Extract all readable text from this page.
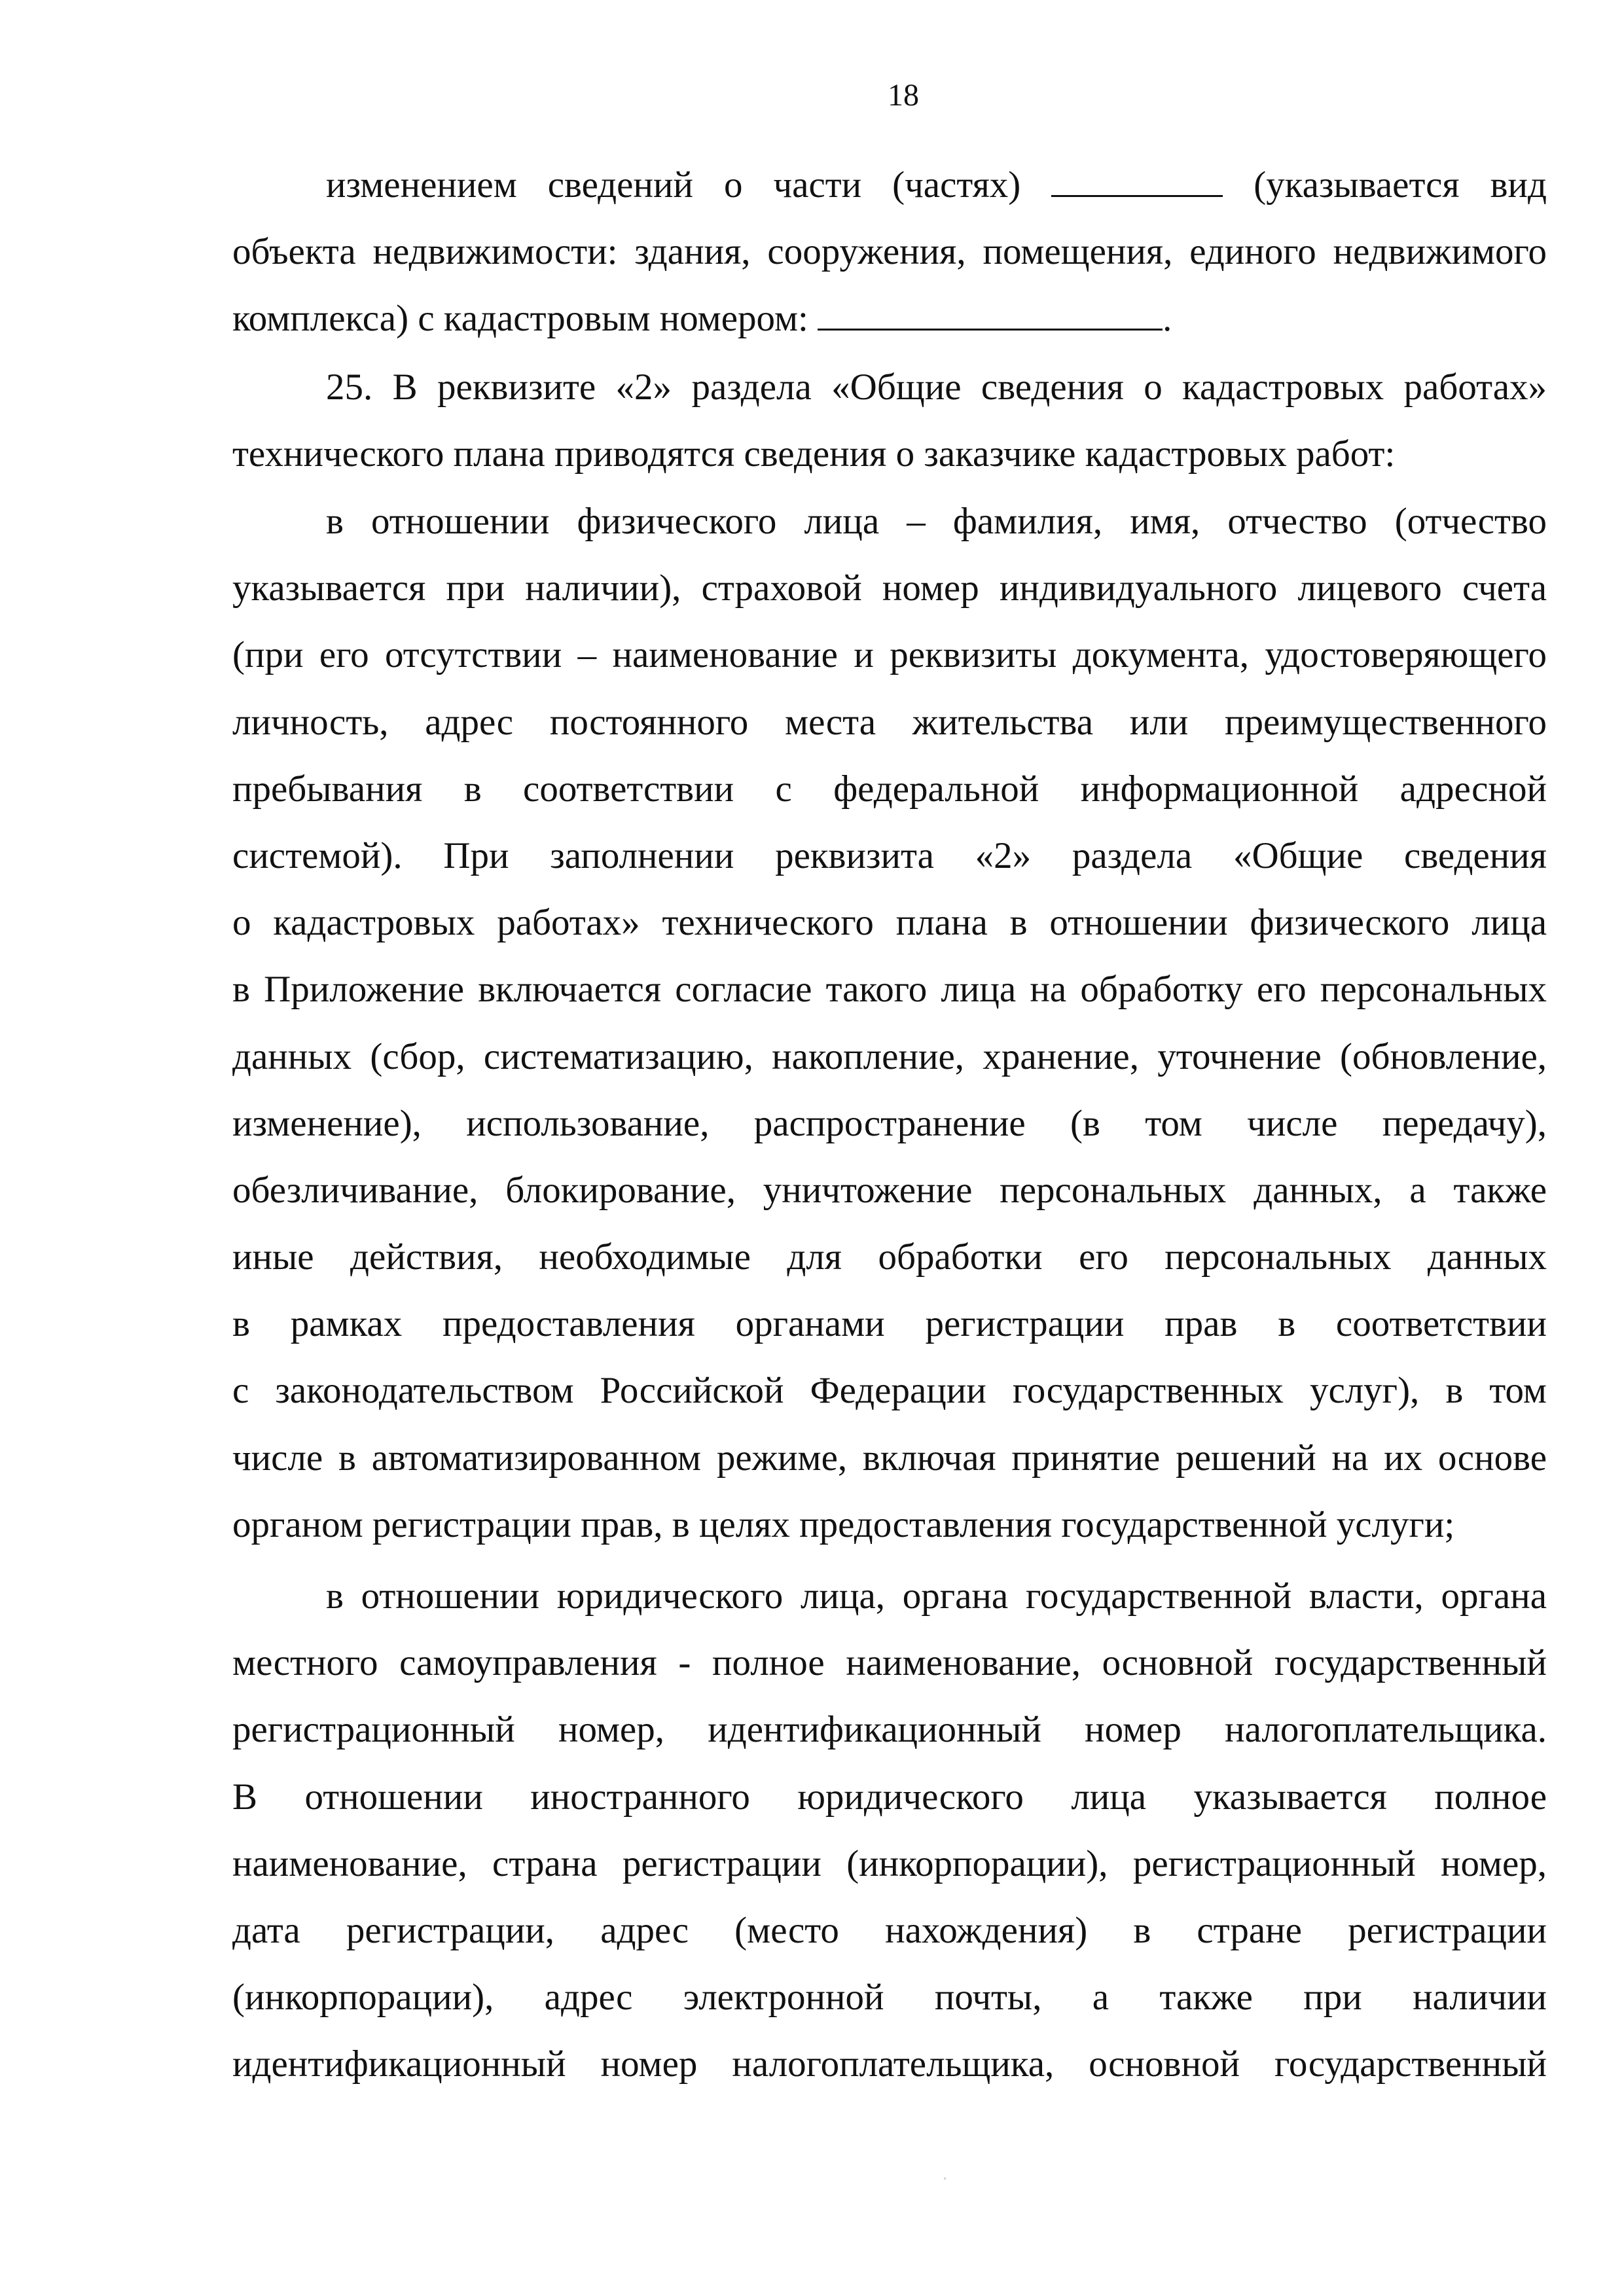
18
изменением сведений о части (частях)	(указывается вид
объекта недвижимости: здания, сооружения, помещения, единого недвижимого
комплекса) с кадастровым номером:	.
25. В реквизите «2» раздела «Общие сведения о кадастровых работах»
технического плана приводятся сведения о заказчике кадастровых работ:
в отношении физического лица – фамилия, имя, отчество (отчество
указывается при наличии), страховой номер индивидуального лицевого счета
(при его отсутствии – наименование и реквизиты документа, удостоверяющего
личность, адрес постоянного места жительства или преимущественного
пребывания в соответствии с федеральной информационной адресной
системой). При заполнении реквизита «2» раздела «Общие сведения
о кадастровых работах» технического плана в отношении физического лица
в Приложение включается согласие такого лица на обработку его персональных
данных (сбор, систематизацию, накопление, хранение, уточнение (обновление,
изменение), использование, распространение (в том числе передачу),
обезличивание, блокирование, уничтожение персональных данных, а также
иные действия, необходимые для обработки его персональных данных
в рамках предоставления органами регистрации прав в соответствии
с законодательством Российской Федерации государственных услуг), в том
числе в автоматизированном режиме, включая принятие решений на их основе
органом регистрации прав, в целях предоставления государственной услуги;
в отношении юридического лица, органа государственной власти, органа
местного самоуправления - полное наименование, основной государственный
регистрационный номер, идентификационный номер налогоплательщика.
В отношении иностранного юридического лица указывается полное
наименование, страна регистрации (инкорпорации), регистрационный номер,
дата регистрации, адрес (место нахождения) в стране регистрации
(инкорпорации), адрес электронной почты, а также при наличии
идентификационный номер налогоплательщика, основной государственный
